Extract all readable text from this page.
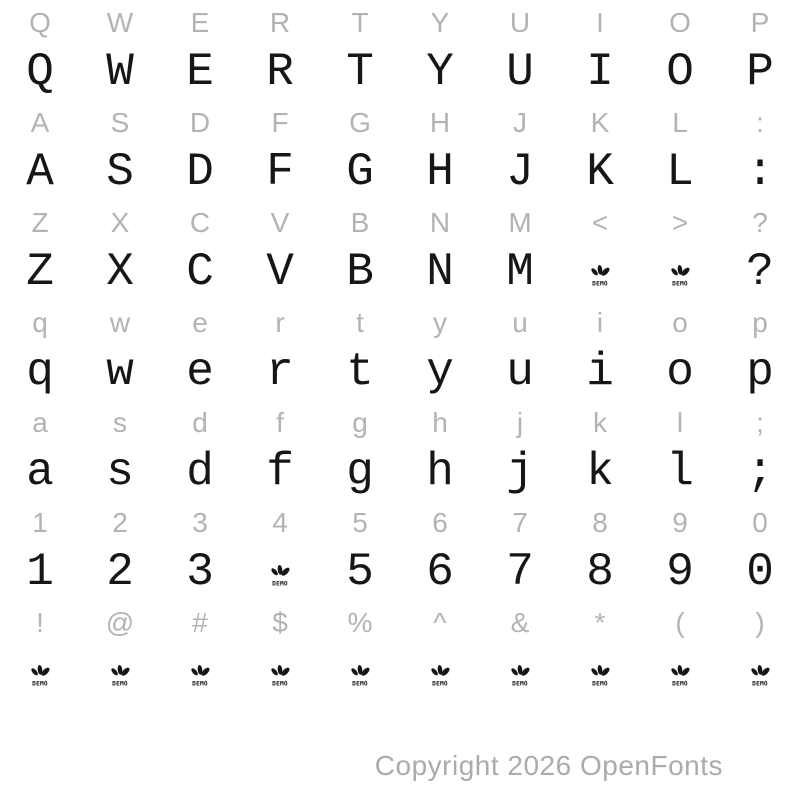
Q W E R T Y U I O P
Q W E R T Y U I O P
A S D F G H J K L :
A S D F G H J K L :
Z X C V B N M < > ?
Z X C V B N M	DEMO	DEMO ?
q w e r	t y u i o p
q w e r t y u i o p
a s d f g h j k l	;
a s d f g h j k l ;
1 2 3 4 5 6 7 8 9 0
1 2 3	DEMO 5 6 7 8 9 0
! @ # $ % ^ & * (	)
DEMO	DEMO	DEMO	DEMO	DEMO	DEMO	DEMO	DEMO	DEMO	DEMO
Copyright 2026 OpenFonts
